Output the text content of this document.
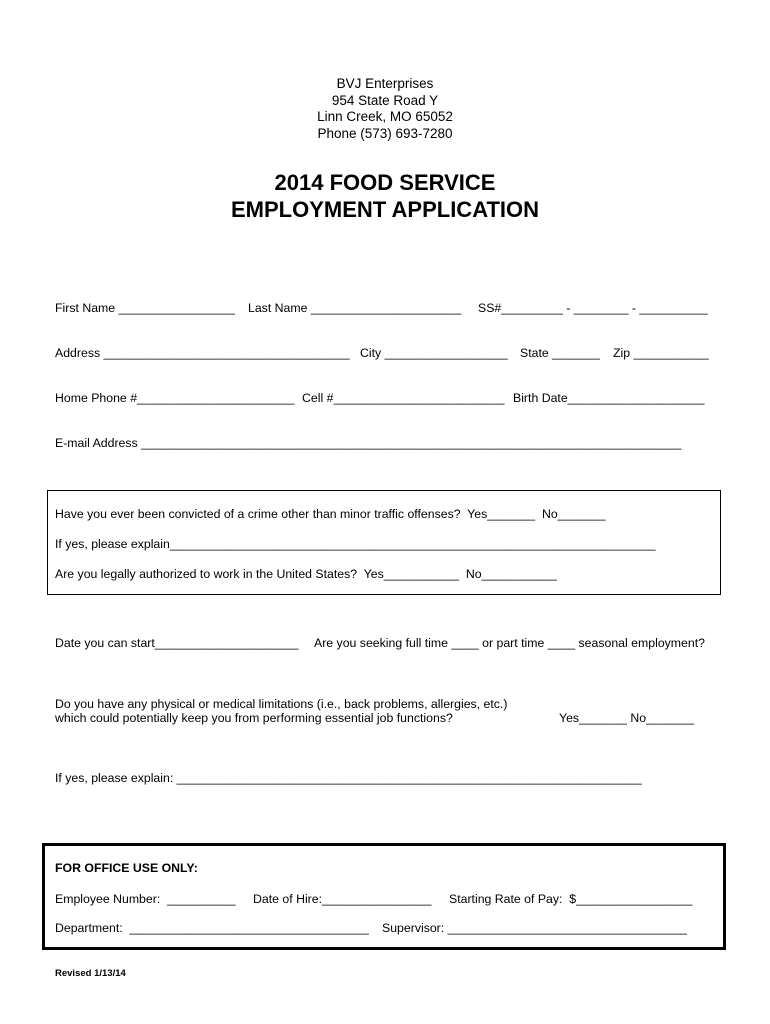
BVJ Enterprises
954 State Road Y
Linn Creek, MO 65052
Phone (573) 693-7280
2014 FOOD SERVICE
EMPLOYMENT APPLICATION
First Name _________________ Last Name ______________________ SS#_________ - ________ - __________
Address ____________________________________ City __________________ State _______ Zip ___________
Home Phone #_______________________ Cell #_________________________ Birth Date____________________
E-mail Address _______________________________________________________________________________
Have you ever been convicted of a crime other than minor traffic offenses?  Yes_______  No_______
If yes, please explain_______________________________________________________________________
Are you legally authorized to work in the United States?  Yes___________  No___________
Date you can start_____________________ Are you seeking full time ____ or part time ____ seasonal employment?
Do you have any physical or medical limitations (i.e., back problems, allergies, etc.)
which could potentially keep you from performing essential job functions?	Yes_______ No_______
If yes, please explain: ____________________________________________________________________
FOR OFFICE USE ONLY:
Employee Number:  __________ Date of Hire:________________ Starting Rate of Pay:  $_________________
Department:  ___________________________________ Supervisor: ___________________________________
Revised 1/13/14
